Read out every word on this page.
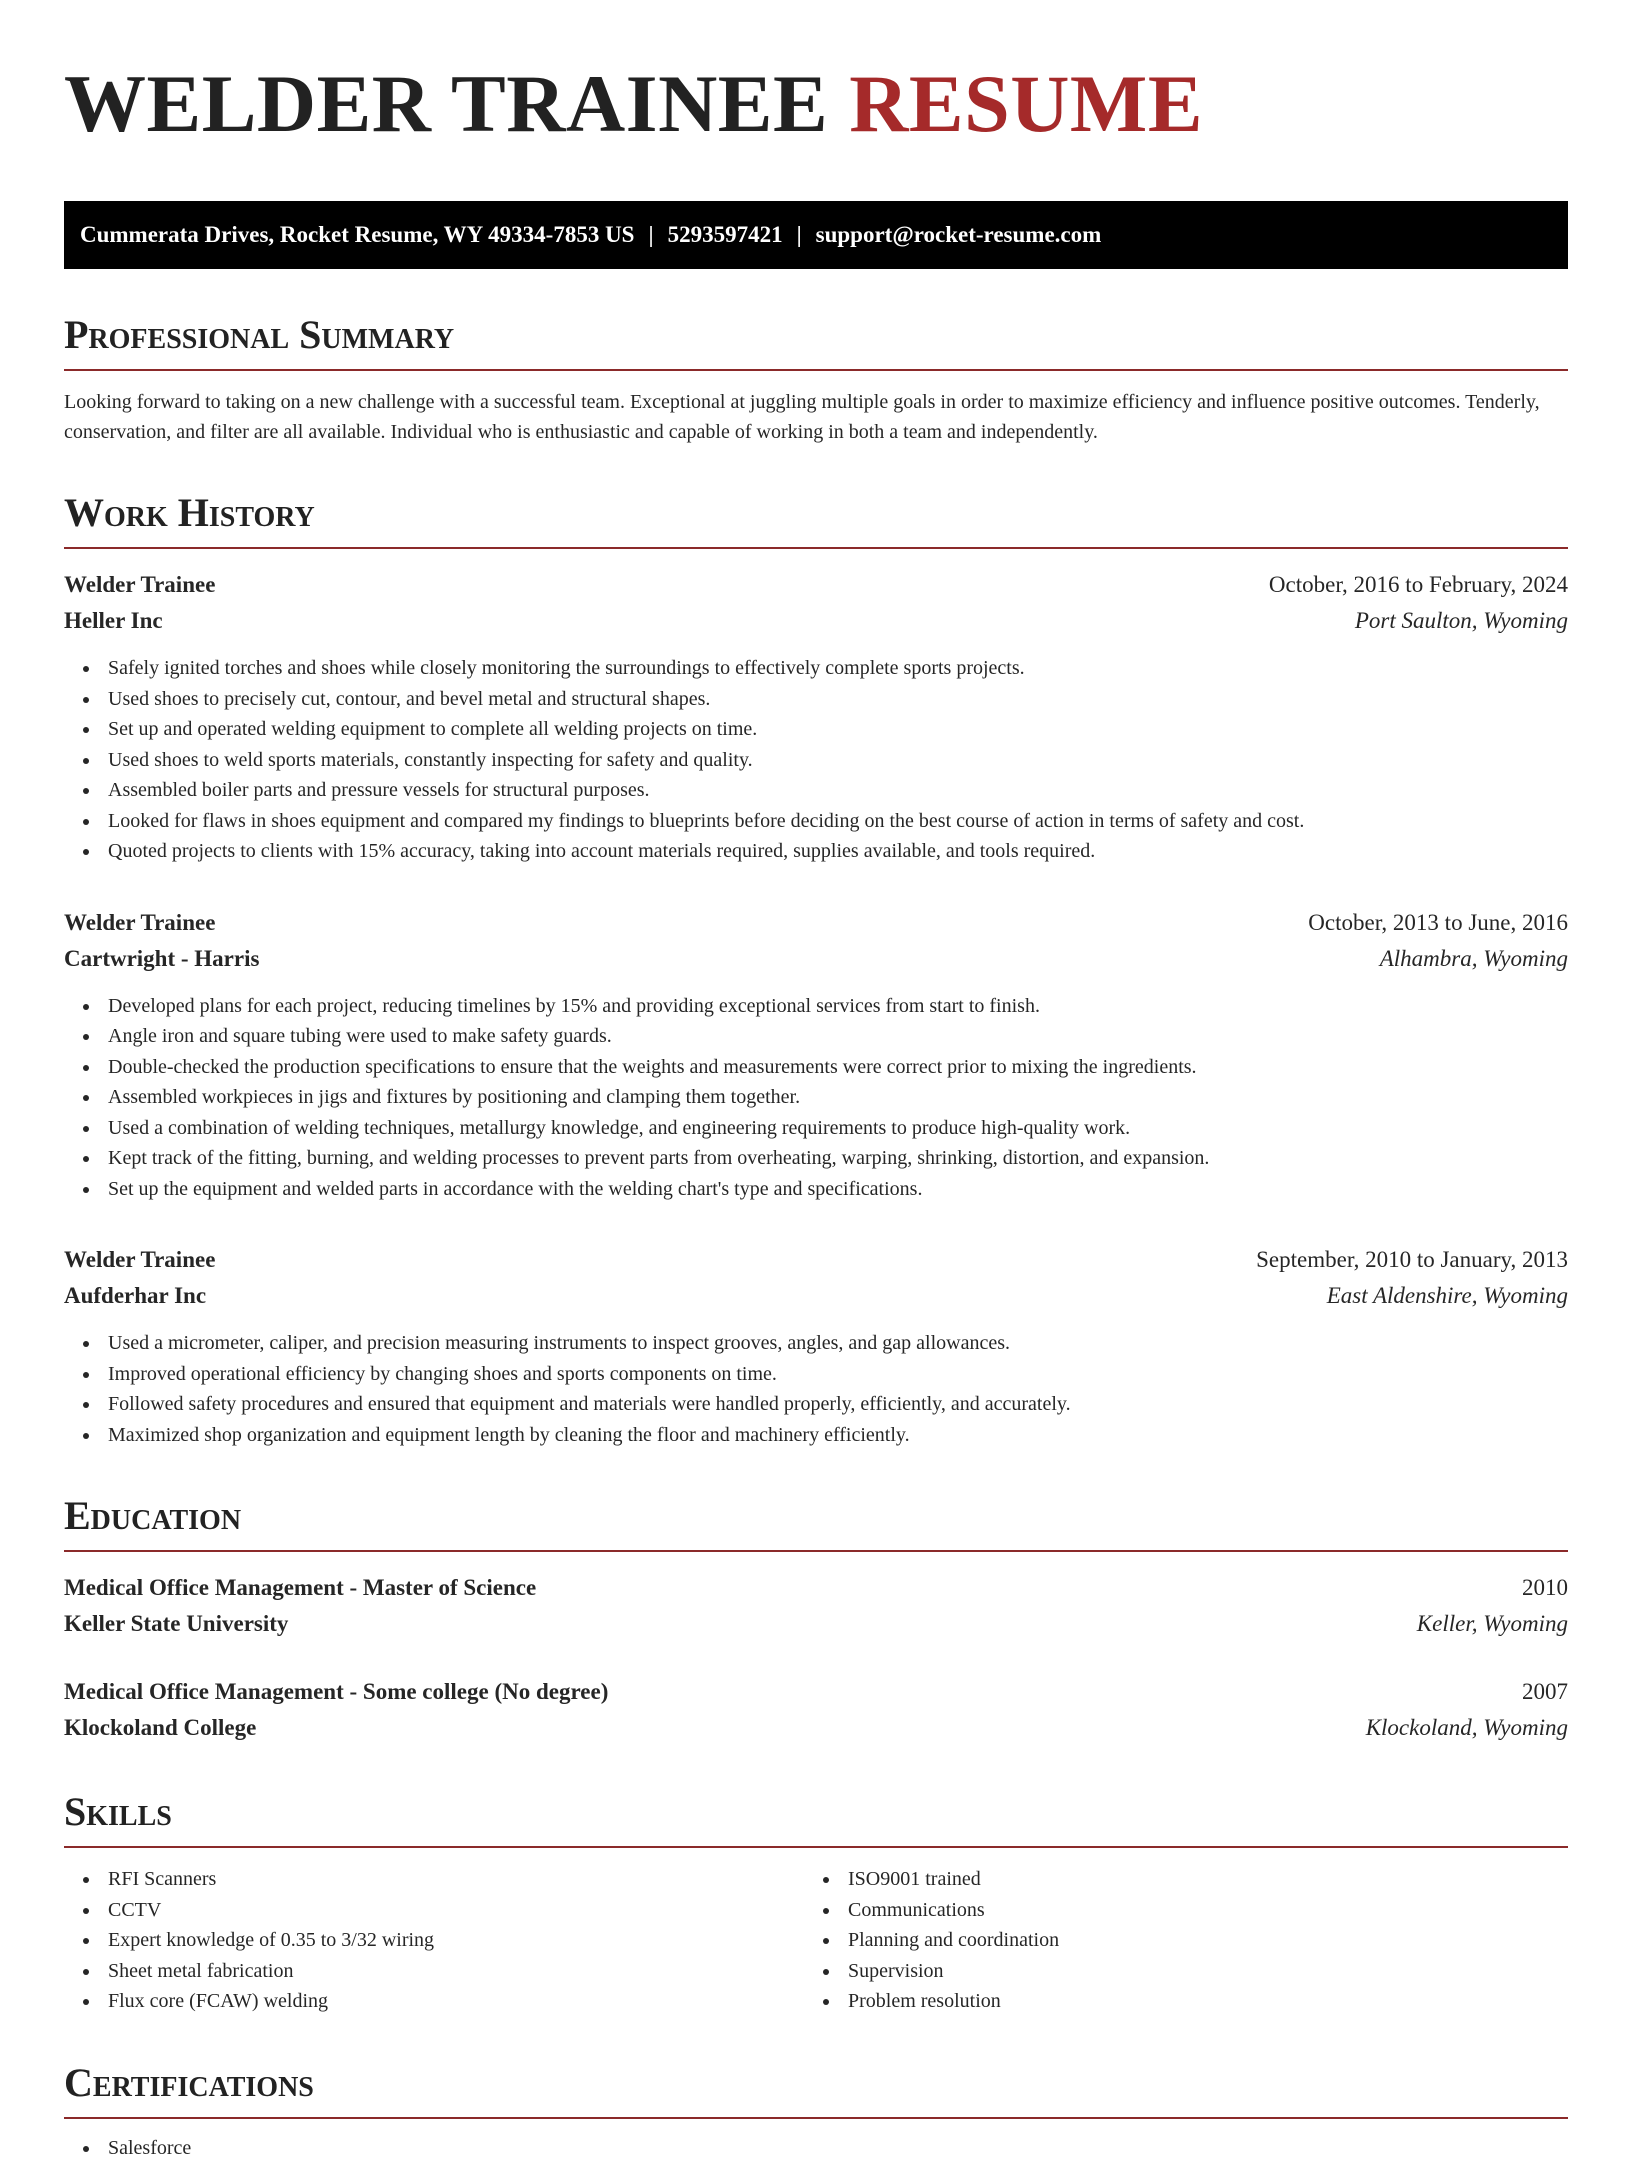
WELDER TRAINEE RESUME
Cummerata Drives, Rocket Resume, WY 49334-7853 US | 5293597421 | support@rocket-resume.com
Professional Summary

Looking forward to taking on a new challenge with a successful team. Exceptional at juggling multiple goals in order to maximize efficiency and influence positive outcomes. Tenderly, conservation, and filter are all available. Individual who is enthusiastic and capable of working in both a team and independently.

Work History
Welder Trainee	October, 2016 to February, 2024
Heller Inc	Port Saulton, Wyoming
Safely ignited torches and shoes while closely monitoring the surroundings to effectively complete sports projects.
Used shoes to precisely cut, contour, and bevel metal and structural shapes.
Set up and operated welding equipment to complete all welding projects on time.
Used shoes to weld sports materials, constantly inspecting for safety and quality.
Assembled boiler parts and pressure vessels for structural purposes.
Looked for flaws in shoes equipment and compared my findings to blueprints before deciding on the best course of action in terms of safety and cost.
Quoted projects to clients with 15% accuracy, taking into account materials required, supplies available, and tools required.
Welder Trainee	October, 2013 to June, 2016
Cartwright - Harris	Alhambra, Wyoming
Developed plans for each project, reducing timelines by 15% and providing exceptional services from start to finish.
Angle iron and square tubing were used to make safety guards.
Double-checked the production specifications to ensure that the weights and measurements were correct prior to mixing the ingredients.
Assembled workpieces in jigs and fixtures by positioning and clamping them together.
Used a combination of welding techniques, metallurgy knowledge, and engineering requirements to produce high-quality work.
Kept track of the fitting, burning, and welding processes to prevent parts from overheating, warping, shrinking, distortion, and expansion.
Set up the equipment and welded parts in accordance with the welding chart's type and specifications.
Welder Trainee	September, 2010 to January, 2013
Aufderhar Inc	East Aldenshire, Wyoming
Used a micrometer, caliper, and precision measuring instruments to inspect grooves, angles, and gap allowances.
Improved operational efficiency by changing shoes and sports components on time.
Followed safety procedures and ensured that equipment and materials were handled properly, efficiently, and accurately.
Maximized shop organization and equipment length by cleaning the floor and machinery efficiently.
Education
Medical Office Management - Master of Science	2010
Keller State University	Keller, Wyoming
Medical Office Management - Some college (No degree)	2007
Klockoland College	Klockoland, Wyoming
Skills
RFI Scanners
CCTV
Expert knowledge of 0.35 to 3/32 wiring
Sheet metal fabrication
Flux core (FCAW) welding
ISO9001 trained
Communications
Planning and coordination
Supervision
Problem resolution
Certifications
Salesforce
